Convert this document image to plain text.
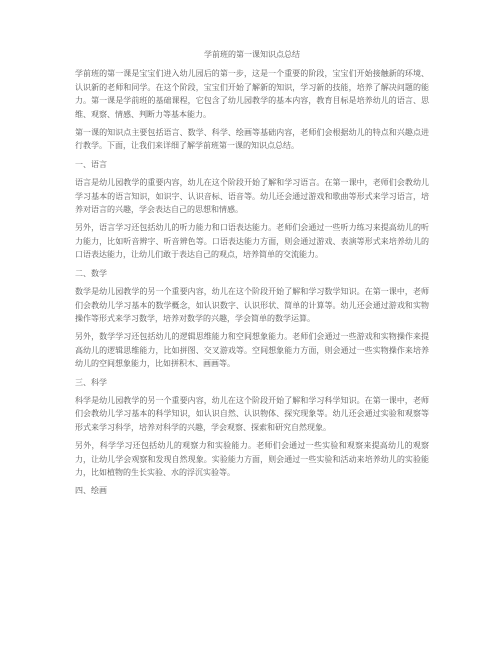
学前班的第一课知识点总结

学前班的第一课是宝宝们进入幼儿园后的第一步，这是一个重要的阶段，宝宝们开始接触新的环境、认识新的老师和同学。在这个阶段，宝宝们开始了解新的知识，学习新的技能，培养了解决问题的能力。第一课是学前班的基础课程，它包含了幼儿园教学的基本内容，教育目标是培养幼儿的语言、思维、观察、情感、判断力等基本能力。

第一课的知识点主要包括语言、数学、科学、绘画等基础内容，老师们会根据幼儿的特点和兴趣点进行教学。下面，让我们来详细了解学前班第一课的知识点总结。

一、语言

语言是幼儿园教学的重要内容，幼儿在这个阶段开始了解和学习语言。在第一课中，老师们会教幼儿学习基本的语言知识，如识字、认识音标、语音等。幼儿还会通过游戏和歌曲等形式来学习语言，培养对语言的兴趣，学会表达自己的思想和情感。

另外，语言学习还包括幼儿的听力能力和口语表达能力。老师们会通过一些听力练习来提高幼儿的听力能力，比如听音辨字、听音辨色等。口语表达能力方面，则会通过游戏、表演等形式来培养幼儿的口语表达能力，让幼儿们敢于表达自己的观点，培养简单的交流能力。

二、数学

数学是幼儿园教学的另一个重要内容，幼儿在这个阶段开始了解和学习数学知识。在第一课中，老师们会教幼儿学习基本的数学概念，如认识数字、认识形状、简单的计算等。幼儿还会通过游戏和实物操作等形式来学习数学，培养对数学的兴趣，学会简单的数学运算。

另外，数学学习还包括幼儿的逻辑思维能力和空间想象能力。老师们会通过一些游戏和实物操作来提高幼儿的逻辑思维能力，比如拼图、交叉游戏等。空间想象能力方面，则会通过一些实物操作来培养幼儿的空间想象能力，比如拼积木、画画等。

三、科学

科学是幼儿园教学的另一个重要内容，幼儿在这个阶段开始了解和学习科学知识。在第一课中，老师们会教幼儿学习基本的科学知识，如认识自然、认识物体、探究现象等。幼儿还会通过实验和观察等形式来学习科学，培养对科学的兴趣，学会观察、探索和研究自然现象。

另外，科学学习还包括幼儿的观察力和实验能力。老师们会通过一些实验和观察来提高幼儿的观察力，让幼儿学会观察和发现自然现象。实验能力方面，则会通过一些实验和活动来培养幼儿的实验能力，比如植物的生长实验、水的浮沉实验等。

四、绘画
